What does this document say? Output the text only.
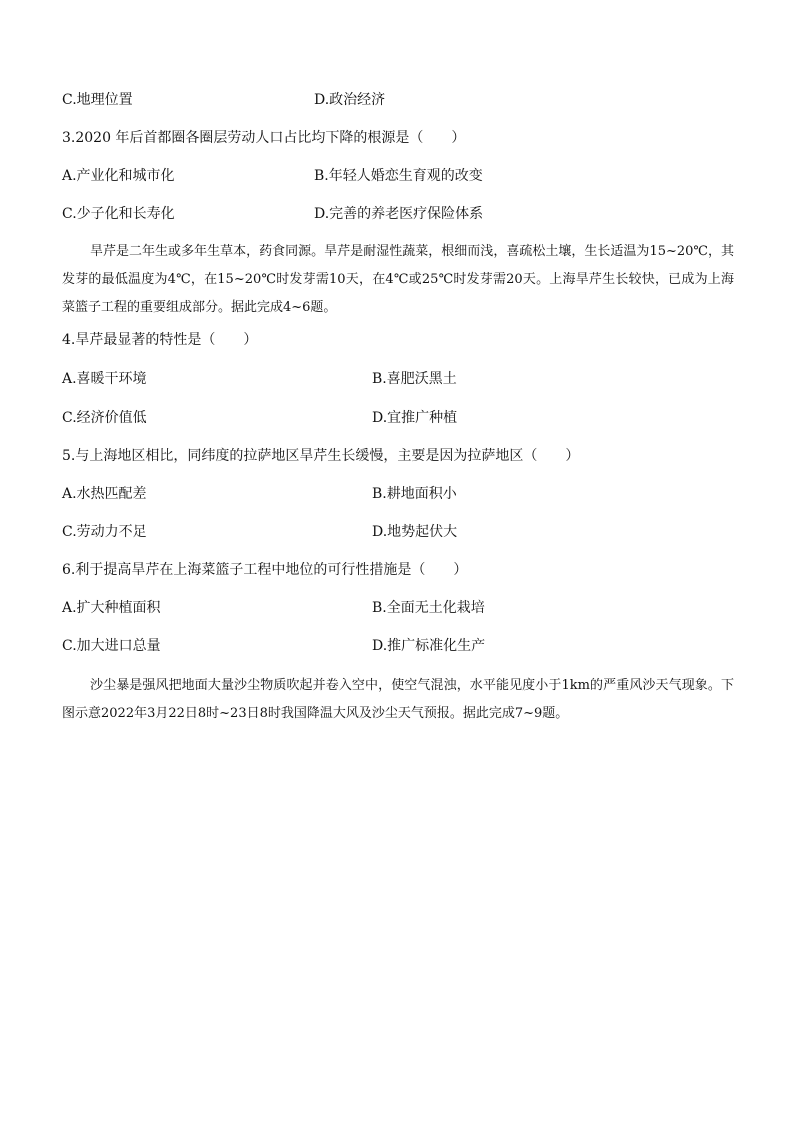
C.地理位置	D.政治经济
3.2020 年后首都圈各圈层劳动人口占比均下降的根源是（　　）
A.产业化和城市化	B.年轻人婚恋生育观的改变
C.少子化和长寿化	D.完善的养老医疗保险体系
旱芹是二年生或多年生草本，药食同源。旱芹是耐湿性蔬菜，根细而浅，喜疏松土壤，生长适温为15~20℃，其发芽的最低温度为4℃，在15~20℃时发芽需10天，在4℃或25℃时发芽需20天。上海旱芹生长较快，已成为上海菜篮子工程的重要组成部分。据此完成4~6题。
4.旱芹最显著的特性是（　　）
A.喜暖干环境	B.喜肥沃黑土
C.经济价值低	D.宜推广种植
5.与上海地区相比，同纬度的拉萨地区旱芹生长缓慢，主要是因为拉萨地区（　　）
A.水热匹配差	B.耕地面积小
C.劳动力不足	D.地势起伏大
6.利于提高旱芹在上海菜篮子工程中地位的可行性措施是（　　）
A.扩大种植面积	B.全面无土化栽培
C.加大进口总量	D.推广标准化生产
沙尘暴是强风把地面大量沙尘物质吹起并卷入空中，使空气混浊，水平能见度小于1km的严重风沙天气现象。下图示意2022年3月22日8时~23日8时我国降温大风及沙尘天气预报。据此完成7~9题。
